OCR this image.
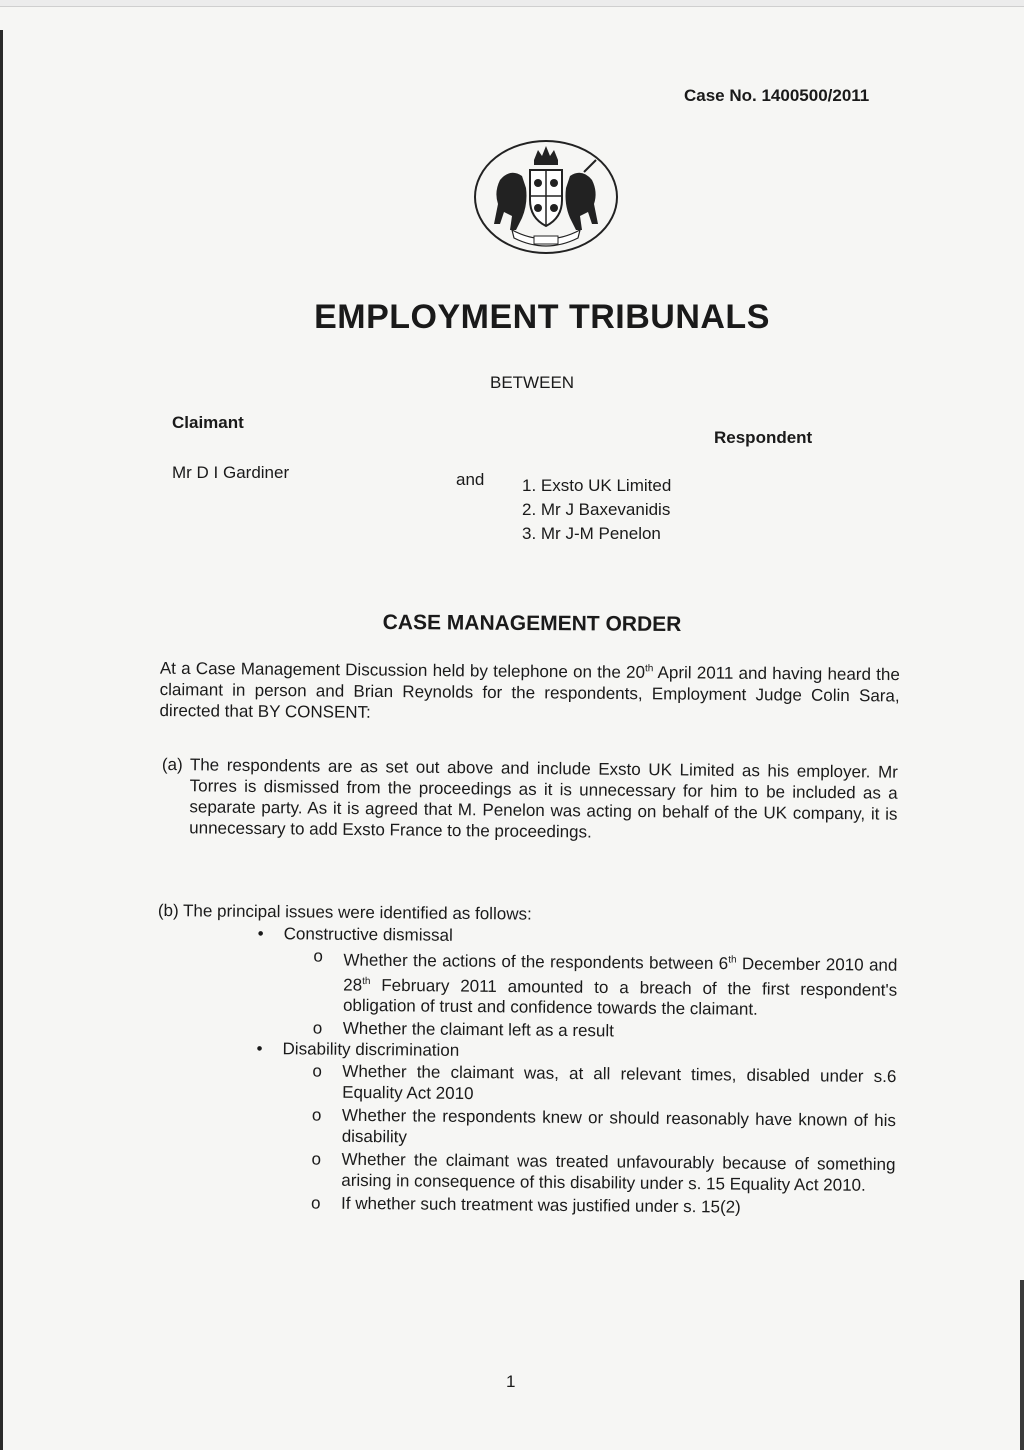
Case No. 1400500/2011
EMPLOYMENT TRIBUNALS
BETWEEN
Claimant
Respondent
Mr D I Gardiner	and 1. Exsto UK Limited
2. Mr J Baxevanidis
3. Mr J-M Penelon
CASE MANAGEMENT ORDER
At a Case Management Discussion held by telephone on the 20th April 2011 and having heard the claimant in person and Brian Reynolds for the respondents, Employment Judge Colin Sara, directed that BY CONSENT:
(a) The respondents are as set out above and include Exsto UK Limited as his employer. Mr Torres is dismissed from the proceedings as it is unnecessary for him to be included as a separate party. As it is agreed that M. Penelon was acting on behalf of the UK company, it is unnecessary to add Exsto France to the proceedings.
(b) The principal issues were identified as follows:
• Constructive dismissal
o Whether the actions of the respondents between 6th December 2010 and 28th February 2011 amounted to a breach of the first respondent's obligation of trust and confidence towards the claimant.
o Whether the claimant left as a result
• Disability discrimination
o Whether the claimant was, at all relevant times, disabled under s.6 Equality Act 2010
o Whether the respondents knew or should reasonably have known of his disability
o Whether the claimant was treated unfavourably because of something arising in consequence of this disability under s. 15 Equality Act 2010.
o If whether such treatment was justified under s. 15(2)
1
